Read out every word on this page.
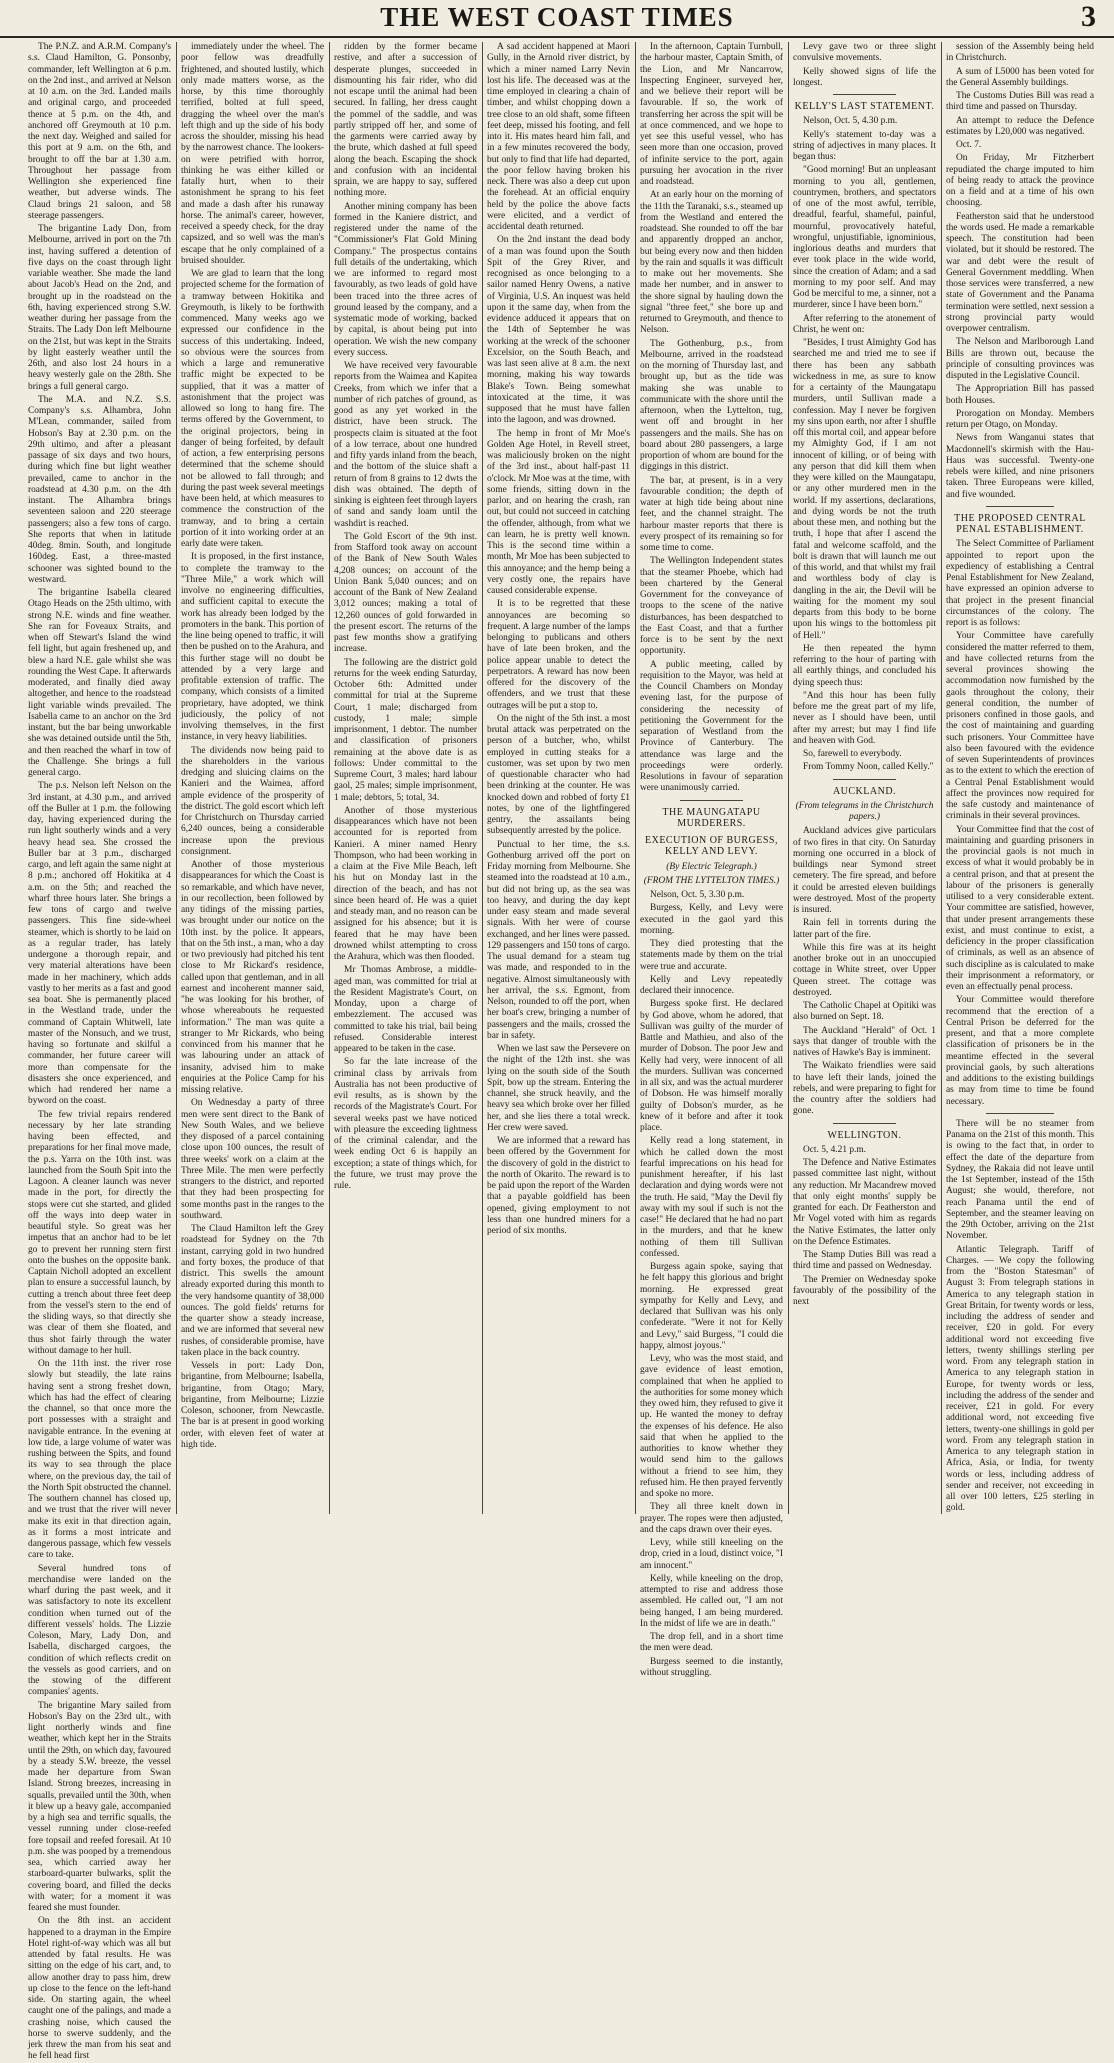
THE WEST COAST TIMES	3

The P.N.Z. and A.R.M. Company's s.s. Claud Hamilton, G. Ponsonby, commander, left Wellington at 6 p.m. on the 2nd inst., and arrived at Nelson at 10 a.m. on the 3rd. Landed mails and original cargo, and proceeded thence at 5 p.m. on the 4th, and anchored off Greymouth at 10 p.m. the next day. Weighed and sailed for this port at 9 a.m. on the 6th, and brought to off the bar at 1.30 a.m. Throughout her passage from Wellington she experienced fine weather, but adverse winds. The Claud brings 21 saloon, and 58 steerage passengers.

The brigantine Lady Don, from Melbourne, arrived in port on the 7th inst, having suffered a detention of five days on the coast through light variable weather. She made the land about Jacob's Head on the 2nd, and brought up in the roadstead on the 6th, having experienced strong S.W. weather during her passage from the Straits. The Lady Don left Melbourne on the 21st, but was kept in the Straits by light easterly weather until the 26th, and also lost 24 hours in a heavy westerly gale on the 28th. She brings a full general cargo.

The M.A. and N.Z. S.S. Company's s.s. Alhambra, John M'Lean, commander, sailed from Hobson's Bay at 2.30 p.m. on the 29th ultimo, and after a pleasant passage of six days and two hours, during which fine but light weather prevailed, came to anchor in the roadstead at 4.30 p.m. on the 4th instant. The Alhambra brings seventeen saloon and 220 steerage passengers; also a few tons of cargo. She reports that when in latitude 40deg. 8min. South, and longitude 160deg. East, a three-masted schooner was sighted bound to the westward.

The brigantine Isabella cleared Otago Heads on the 25th ultimo, with strong N.E. winds and fine weather. She ran for Foveaux Straits, and when off Stewart's Island the wind fell light, but again freshened up, and blew a hard N.E. gale whilst she was rounding the West Cape. It afterwards moderated, and finally died away altogether, and hence to the roadstead light variable winds prevailed. The Isabella came to an anchor on the 3rd instant, but the bar being unworkable she was detained outside until the 5th, and then reached the wharf in tow of the Challenge. She brings a full general cargo.

The p.s. Nelson left Nelson on the 3rd instant, at 4.30 p.m., and arrived off the Buller at 1 p.m. the following day, having experienced during the run light southerly winds and a very heavy head sea. She crossed the Buller bar at 3 p.m., discharged cargo, and left again the same night at 8 p.m.; anchored off Hokitika at 4 a.m. on the 5th; and reached the wharf three hours later. She brings a few tons of cargo and twelve passengers. This fine side-wheel steamer, which is shortly to be laid on as a regular trader, has lately undergone a thorough repair, and very material alterations have been made in her machinery, which adds vastly to her merits as a fast and good sea boat. She is permanently placed in the Westland trade, under the command of Captain Whitwell, late master of the Nonsuch, and we trust, having so fortunate and skilful a commander, her future career will more than compensate for the disasters she once experienced, and which had rendered her name a byword on the coast.

The few trivial repairs rendered necessary by her late stranding having been effected, and preparations for her final move made, the p.s. Yarra on the 10th inst. was launched from the South Spit into the Lagoon. A cleaner launch was never made in the port, for directly the stops were cut she started, and glided off the ways into deep water in beautiful style. So great was her impetus that an anchor had to be let go to prevent her running stern first onto the bushes on the opposite bank. Captain Nicholl adopted an excellent plan to ensure a successful launch, by cutting a trench about three feet deep from the vessel's stern to the end of the sliding ways, so that directly she was clear of them she floated, and thus shot fairly through the water without damage to her hull.

On the 11th inst. the river rose slowly but steadily, the late rains having sent a strong freshet down, which has had the effect of clearing the channel, so that once more the port possesses with a straight and navigable entrance. In the evening at low tide, a large volume of water was rushing between the Spits, and found its way to sea through the place where, on the previous day, the tail of the North Spit obstructed the channel. The southern channel has closed up, and we trust that the river will never make its exit in that direction again, as it forms a most intricate and dangerous passage, which few vessels care to take.

Several hundred tons of merchandise were landed on the wharf during the past week, and it was satisfactory to note its excellent condition when turned out of the different vessels' holds. The Lizzie Coleson, Mary, Lady Don, and Isabella, discharged cargoes, the condition of which reflects credit on the vessels as good carriers, and on the stowing of the different companies' agents.

The brigantine Mary sailed from Hobson's Bay on the 23rd ult., with light northerly winds and fine weather, which kept her in the Straits until the 29th, on which day, favoured by a steady S.W. breeze, the vessel made her departure from Swan Island. Strong breezes, increasing in squalls, prevailed until the 30th, when it blew up a heavy gale, accompanied by a high sea and terrific squalls, the vessel running under close-reefed fore topsail and reefed foresail. At 10 p.m. she was pooped by a tremendous sea, which carried away her starboard-quarter bulwarks, split the covering board, and filled the decks with water; for a moment it was feared she must founder.

On the 8th inst. an accident happened to a drayman in the Empire Hotel right-of-way which was all but attended by fatal results. He was sitting on the edge of his cart, and, to allow another dray to pass him, drew up close to the fence on the left-hand side. On starting again, the wheel caught one of the palings, and made a crashing noise, which caused the horse to swerve suddenly, and the jerk threw the man from his seat and he fell head first

immediately under the wheel. The poor fellow was dreadfully frightened, and shouted lustily, which only made matters worse, as the horse, by this time thoroughly terrified, bolted at full speed, dragging the wheel over the man's left thigh and up the side of his body across the shoulder, missing his head by the narrowest chance. The lookers-on were petrified with horror, thinking he was either killed or fatally hurt, when to their astonishment he sprang to his feet and made a dash after his runaway horse. The animal's career, however, received a speedy check, for the dray capsized, and so well was the man's escape that he only complained of a bruised shoulder.

We are glad to learn that the long projected scheme for the formation of a tramway between Hokitika and Greymouth, is likely to be forthwith commenced. Many weeks ago we expressed our confidence in the success of this undertaking. Indeed, so obvious were the sources from which a large and remunerative traffic might be expected to be supplied, that it was a matter of astonishment that the project was allowed so long to hang fire. The terms offered by the Government, to the original projectors, being in danger of being forfeited, by default of action, a few enterprising persons determined that the scheme should not be allowed to fall through; and during the past week several meetings have been held, at which measures to commence the construction of the tramway, and to bring a certain portion of it into working order at an early date were taken.

It is proposed, in the first instance, to complete the tramway to the "Three Mile," a work which will involve no engineering difficulties, and sufficient capital to execute the work has already been lodged by the promoters in the bank. This portion of the line being opened to traffic, it will then be pushed on to the Arahura, and this further stage will no doubt be attended by a very large and profitable extension of traffic. The company, which consists of a limited proprietary, have adopted, we think judiciously, the policy of not involving themselves, in the first instance, in very heavy liabilities.

The dividends now being paid to the shareholders in the various dredging and sluicing claims on the Kanieri and the Waimea, afford ample evidence of the prosperity of the district. The gold escort which left for Christchurch on Thursday carried 6,240 ounces, being a considerable increase upon the previous consignment.

Another of those mysterious disappearances for which the Coast is so remarkable, and which have never, in our recollection, been followed by any tidings of the missing parties, was brought under our notice on the 10th inst. by the police. It appears, that on the 5th inst., a man, who a day or two previously had pitched his tent close to Mr Rickard's residence, called upon that gentleman, and in all earnest and incoherent manner said, "he was looking for his brother, of whose whereabouts he requested information." The man was quite a stranger to Mr Rickards, who being convinced from his manner that he was labouring under an attack of insanity, advised him to make enquiries at the Police Camp for his missing relative.

On Wednesday a party of three men were sent direct to the Bank of New South Wales, and we believe they disposed of a parcel containing close upon 100 ounces, the result of three weeks' work on a claim at the Three Mile. The men were perfectly strangers to the district, and reported that they had been prospecting for some months past in the ranges to the southward.

The Claud Hamilton left the Grey roadstead for Sydney on the 7th instant, carrying gold in two hundred and forty boxes, the produce of that district. This swells the amount already exported during this month to the very handsome quantity of 38,000 ounces. The gold fields' returns for the quarter show a steady increase, and we are informed that several new rushes, of considerable promise, have taken place in the back country.

Vessels in port: Lady Don, brigantine, from Melbourne; Isabella, brigantine, from Otago; Mary, brigantine, from Melbourne; Lizzie Coleson, schooner, from Newcastle. The bar is at present in good working order, with eleven feet of water at high tide.

ridden by the former became restive, and after a succession of desperate plunges, succeeded in dismounting his fair rider, who did not escape until the animal had been secured. In falling, her dress caught the pommel of the saddle, and was partly stripped off her, and some of the garments were carried away by the brute, which dashed at full speed along the beach. Escaping the shock and confusion with an incidental sprain, we are happy to say, suffered nothing more.

Another mining company has been formed in the Kaniere district, and registered under the name of the "Commissioner's Flat Gold Mining Company." The prospectus contains full details of the undertaking, which we are informed to regard most favourably, as two leads of gold have been traced into the three acres of ground leased by the company, and a systematic mode of working, backed by capital, is about being put into operation. We wish the new company every success.

We have received very favourable reports from the Waimea and Kapitea Creeks, from which we infer that a number of rich patches of ground, as good as any yet worked in the district, have been struck. The prospects claim is situated at the foot of a low terrace, about one hundred and fifty yards inland from the beach, and the bottom of the sluice shaft a return of from 8 grains to 12 dwts the dish was obtained. The depth of sinking is eighteen feet through layers of sand and sandy loam until the washdirt is reached.

The Gold Escort of the 9th inst. from Stafford took away on account of the Bank of New South Wales 4,208 ounces; on account of the Union Bank 5,040 ounces; and on account of the Bank of New Zealand 3,012 ounces; making a total of 12,260 ounces of gold forwarded in the present escort. The returns of the past few months show a gratifying increase.

The following are the district gold returns for the week ending Saturday, October 6th: Admitted under committal for trial at the Supreme Court, 1 male; discharged from custody, 1 male; simple imprisonment, 1 debtor. The number and classification of prisoners remaining at the above date is as follows: Under committal to the Supreme Court, 3 males; hard labour gaol, 25 males; simple imprisonment, 1 male; debtors, 5; total, 34.

Another of those mysterious disappearances which have not been accounted for is reported from Kanieri. A miner named Henry Thompson, who had been working in a claim at the Five Mile Beach, left his hut on Monday last in the direction of the beach, and has not since been heard of. He was a quiet and steady man, and no reason can be assigned for his absence; but it is feared that he may have been drowned whilst attempting to cross the Arahura, which was then flooded.

Mr Thomas Ambrose, a middle-aged man, was committed for trial at the Resident Magistrate's Court, on Monday, upon a charge of embezzlement. The accused was committed to take his trial, bail being refused. Considerable interest appeared to be taken in the case.

So far the late increase of the criminal class by arrivals from Australia has not been productive of evil results, as is shown by the records of the Magistrate's Court. For several weeks past we have noticed with pleasure the exceeding lightness of the criminal calendar, and the week ending Oct 6 is happily an exception; a state of things which, for the future, we trust may prove the rule.

A sad accident happened at Maori Gully, in the Arnold river district, by which a miner named Larry Nevin lost his life. The deceased was at the time employed in clearing a chain of timber, and whilst chopping down a tree close to an old shaft, some fifteen feet deep, missed his footing, and fell into it. His mates heard him fall, and in a few minutes recovered the body, but only to find that life had departed, the poor fellow having broken his neck. There was also a deep cut upon the forehead. At an official enquiry held by the police the above facts were elicited, and a verdict of accidental death returned.

On the 2nd instant the dead body of a man was found upon the South Spit of the Grey River, and recognised as once belonging to a sailor named Henry Owens, a native of Virginia, U.S. An inquest was held upon it the same day, when from the evidence adduced it appears that on the 14th of September he was working at the wreck of the schooner Excelsior, on the South Beach, and was last seen alive at 8 a.m. the next morning, making his way towards Blake's Town. Being somewhat intoxicated at the time, it was supposed that he must have fallen into the lagoon, and was drowned.

The hemp in front of Mr Moe's Golden Age Hotel, in Revell street, was maliciously broken on the night of the 3rd inst., about half-past 11 o'clock. Mr Moe was at the time, with some friends, sitting down in the parlor, and on hearing the crash, ran out, but could not succeed in catching the offender, although, from what we can learn, he is pretty well known. This is the second time within a month, Mr Moe has been subjected to this annoyance; and the hemp being a very costly one, the repairs have caused considerable expense.

It is to be regretted that these annoyances are becoming so frequent. A large number of the lamps belonging to publicans and others have of late been broken, and the police appear unable to detect the perpetrators. A reward has now been offered for the discovery of the offenders, and we trust that these outrages will be put a stop to.

On the night of the 5th inst. a most brutal attack was perpetrated on the person of a butcher, who, whilst employed in cutting steaks for a customer, was set upon by two men of questionable character who had been drinking at the counter. He was knocked down and robbed of forty £1 notes, by one of the lightfingered gentry, the assailants being subsequently arrested by the police.

Punctual to her time, the s.s. Gothenburg arrived off the port on Friday morning from Melbourne. She steamed into the roadstead at 10 a.m., but did not bring up, as the sea was too heavy, and during the day kept under easy steam and made several signals. With her were of course exchanged, and her lines were passed. 129 passengers and 150 tons of cargo. The usual demand for a steam tug was made, and responded to in the negative. Almost simultaneously with her arrival, the s.s. Egmont, from Nelson, rounded to off the port, when her boat's crew, bringing a number of passengers and the mails, crossed the bar in safety.

When we last saw the Persevere on the night of the 12th inst. she was lying on the south side of the South Spit, bow up the stream. Entering the channel, she struck heavily, and the heavy sea which broke over her filled her, and she lies there a total wreck. Her crew were saved.

We are informed that a reward has been offered by the Government for the discovery of gold in the district to the north of Okarito. The reward is to be paid upon the report of the Warden that a payable goldfield has been opened, giving employment to not less than one hundred miners for a period of six months.

In the afternoon, Captain Turnbull, the harbour master, Captain Smith, of the Lion, and Mr Nancarrow, Inspecting Engineer, surveyed her, and we believe their report will be favourable. If so, the work of transferring her across the spit will be at once commenced, and we hope to yet see this useful vessel, who has seen more than one occasion, proved of infinite service to the port, again pursuing her avocation in the river and roadstead.

At an early hour on the morning of the 11th the Taranaki, s.s., steamed up from the Westland and entered the roadstead. She rounded to off the bar and apparently dropped an anchor, but being every now and then hidden by the rain and squalls it was difficult to make out her movements. She made her number, and in answer to the shore signal by hauling down the signal "three feet," she bore up and returned to Greymouth, and thence to Nelson.

The Gothenburg, p.s., from Melbourne, arrived in the roadstead on the morning of Thursday last, and brought up, but as the tide was making she was unable to communicate with the shore until the afternoon, when the Lyttelton, tug, went off and brought in her passengers and the mails. She has on board about 280 passengers, a large proportion of whom are bound for the diggings in this district.

The bar, at present, is in a very favourable condition; the depth of water at high tide being about nine feet, and the channel straight. The harbour master reports that there is every prospect of its remaining so for some time to come.

The Wellington Independent states that the steamer Phoebe, which had been chartered by the General Government for the conveyance of troops to the scene of the native disturbances, has been despatched to the East Coast, and that a further force is to be sent by the next opportunity.

A public meeting, called by requisition to the Mayor, was held at the Council Chambers on Monday evening last, for the purpose of considering the necessity of petitioning the Government for the separation of Westland from the Province of Canterbury. The attendance was large and the proceedings were orderly. Resolutions in favour of separation were unanimously carried.

THE MAUNGATAPU MURDERERS.
EXECUTION OF BURGESS, KELLY AND LEVY.
(By Electric Telegraph.)
(FROM THE LYTTELTON TIMES.)

Nelson, Oct. 5, 3.30 p.m.

Burgess, Kelly, and Levy were executed in the gaol yard this morning.

They died protesting that the statements made by them on the trial were true and accurate.

Kelly and Levy repeatedly declared their innocence.

Burgess spoke first. He declared by God above, whom he adored, that Sullivan was guilty of the murder of Battle and Mathieu, and also of the murder of Dobson. The poor Jew and Kelly had very, were innocent of all the murders. Sullivan was concerned in all six, and was the actual murderer of Dobson. He was himself morally guilty of Dobson's murder, as he knew of it before and after it took place.

Kelly read a long statement, in which he called down the most fearful imprecations on his head for punishment hereafter, if his last declaration and dying words were not the truth. He said, "May the Devil fly away with my soul if such is not the case!" He declared that he had no part in the murders, and that he knew nothing of them till Sullivan confessed.

Burgess again spoke, saying that he felt happy this glorious and bright morning. He expressed great sympathy for Kelly and Levy, and declared that Sullivan was his only confederate. "Were it not for Kelly and Levy," said Burgess, "I could die happy, almost joyous."

Levy, who was the most staid, and gave evidence of least emotion, complained that when he applied to the authorities for some money which they owed him, they refused to give it up. He wanted the money to defray the expenses of his defence. He also said that when he applied to the authorities to know whether they would send him to the gallows without a friend to see him, they refused him. He then prayed fervently and spoke no more.

They all three knelt down in prayer. The ropes were then adjusted, and the caps drawn over their eyes.

Levy, while still kneeling on the drop, cried in a loud, distinct voice, "I am innocent."

Kelly, while kneeling on the drop, attempted to rise and address those assembled. He called out, "I am not being hanged, I am being murdered. In the midst of life we are in death."

The drop fell, and in a short time the men were dead.

Burgess seemed to die instantly, without struggling.

Levy gave two or three slight convulsive movements.

Kelly showed signs of life the longest.

KELLY'S LAST STATEMENT.

Nelson, Oct. 5, 4.30 p.m.

Kelly's statement to-day was a string of adjectives in many places. It began thus:

"Good morning! But an unpleasant morning to you all, gentlemen, countrymen, brothers, and spectators of one of the most awful, terrible, dreadful, fearful, shameful, painful, mournful, provocatively hateful, wrongful, unjustifiable, ignominious, inglorious deaths and murders that ever took place in the wide world, since the creation of Adam; and a sad morning to my poor self. And may God be merciful to me, a sinner, not a murderer, since I have been born."

After referring to the atonement of Christ, he went on:

"Besides, I trust Almighty God has searched me and tried me to see if there has been any sabbath wickedness in me, as sure to know for a certainty of the Maungatapu murders, until Sullivan made a confession. May I never be forgiven my sins upon earth, nor after I shuffle off this mortal coil, and appear before my Almighty God, if I am not innocent of killing, or of being with any person that did kill them when they were killed on the Maungatapu, or any other murdered men in the world. If my assertions, declarations, and dying words be not the truth about these men, and nothing but the truth, I hope that after I ascend the fatal and welcome scaffold, and the bolt is drawn that will launch me out of this world, and that whilst my frail and worthless body of clay is dangling in the air, the Devil will be waiting for the moment my soul departs from this body to be borne upon his wings to the bottomless pit of Hell."

He then repeated the hymn referring to the hour of parting with all earthly things, and concluded his dying speech thus:

"And this hour has been fully before me the great part of my life, never as I should have been, until after my arrest; but may I find life and heaven with God.

So, farewell to everybody.

From Tommy Noon, called Kelly."

AUCKLAND.
(From telegrams in the Christchurch papers.)

Auckland advices give particulars of two fires in that city. On Saturday morning one occurred in a block of buildings near Symond street cemetery. The fire spread, and before it could be arrested eleven buildings were destroyed. Most of the property is insured.

Rain fell in torrents during the latter part of the fire.

While this fire was at its height another broke out in an unoccupied cottage in White street, over Upper Queen street. The cottage was destroyed.

The Catholic Chapel at Opitiki was also burned on Sept. 18.

The Auckland "Herald" of Oct. 1 says that danger of trouble with the natives of Hawke's Bay is imminent.

The Waikato friendlies were said to have left their lands, joined the rebels, and were preparing to fight for the country after the soldiers had gone.

WELLINGTON.

Oct. 5, 4.21 p.m.

The Defence and Native Estimates passed committee last night, without any reduction. Mr Macandrew moved that only eight months' supply be granted for each. Dr Featherston and Mr Vogel voted with him as regards the Native Estimates, the latter only on the Defence Estimates.

The Stamp Duties Bill was read a third time and passed on Wednesday.

The Premier on Wednesday spoke favourably of the possibility of the next

session of the Assembly being held in Christchurch.

A sum of L5000 has been voted for the General Assembly buildings.

The Customs Duties Bill was read a third time and passed on Thursday.

An attempt to reduce the Defence estimates by L20,000 was negatived.

Oct. 7.

On Friday, Mr Fitzherbert repudiated the charge imputed to him of being ready to attack the province on a field and at a time of his own choosing.

Featherston said that he understood the words used. He made a remarkable speech. The constitution had been violated, but it should be restored. The war and debt were the result of General Government meddling. When those services were transferred, a new state of Government and the Panama termination were settled, next session a strong provincial party would overpower centralism.

The Nelson and Marlborough Land Bills are thrown out, because the principle of consulting provinces was disputed in the Legislative Council.

The Appropriation Bill has passed both Houses.

Prorogation on Monday. Members return per Otago, on Monday.

News from Wanganui states that Macdonnell's skirmish with the Hau-Haus was successful. Twenty-one rebels were killed, and nine prisoners taken. Three Europeans were killed, and five wounded.

THE PROPOSED CENTRAL PENAL ESTABLISHMENT.

The Select Committee of Parliament appointed to report upon the expediency of establishing a Central Penal Establishment for New Zealand, have expressed an opinion adverse to that project in the present financial circumstances of the colony. The report is as follows:

Your Committee have carefully considered the matter referred to them, and have collected returns from the several provinces showing the accommodation now furnished by the gaols throughout the colony, their general condition, the number of prisoners confined in those gaols, and the cost of maintaining and guarding such prisoners. Your Committee have also been favoured with the evidence of seven Superintendents of provinces as to the extent to which the erection of a Central Penal Establishment would affect the provinces now required for the safe custody and maintenance of criminals in their several provinces.

Your Committee find that the cost of maintaining and guarding prisoners in the provincial gaols is not much in excess of what it would probably be in a central prison, and that at present the labour of the prisoners is generally utilised to a very considerable extent. Your committee are satisfied, however, that under present arrangements these exist, and must continue to exist, a deficiency in the proper classification of criminals, as well as an absence of such discipline as is calculated to make their imprisonment a reformatory, or even an effectually penal process.

Your Committee would therefore recommend that the erection of a Central Prison be deferred for the present, and that a more complete classification of prisoners be in the meantime effected in the several provincial gaols, by such alterations and additions to the existing buildings as may from time to time be found necessary.

There will be no steamer from Panama on the 21st of this month. This is owing to the fact that, in order to effect the date of the departure from Sydney, the Rakaia did not leave until the 1st September, instead of the 15th August; she would, therefore, not reach Panama until the end of September, and the steamer leaving on the 29th October, arriving on the 21st November.

Atlantic Telegraph. Tariff of Charges. — We copy the following from the "Boston Statesman" of August 3: From telegraph stations in America to any telegraph station in Great Britain, for twenty words or less, including the address of sender and receiver, £20 in gold. For every additional word not exceeding five letters, twenty shillings sterling per word. From any telegraph station in America to any telegraph station in Europe, for twenty words or less, including the address of the sender and receiver, £21 in gold. For every additional word, not exceeding five letters, twenty-one shillings in gold per word. From any telegraph station in America to any telegraph station in Africa, Asia, or India, for twenty words or less, including address of sender and receiver, not exceeding in all over 100 letters, £25 sterling in gold.
